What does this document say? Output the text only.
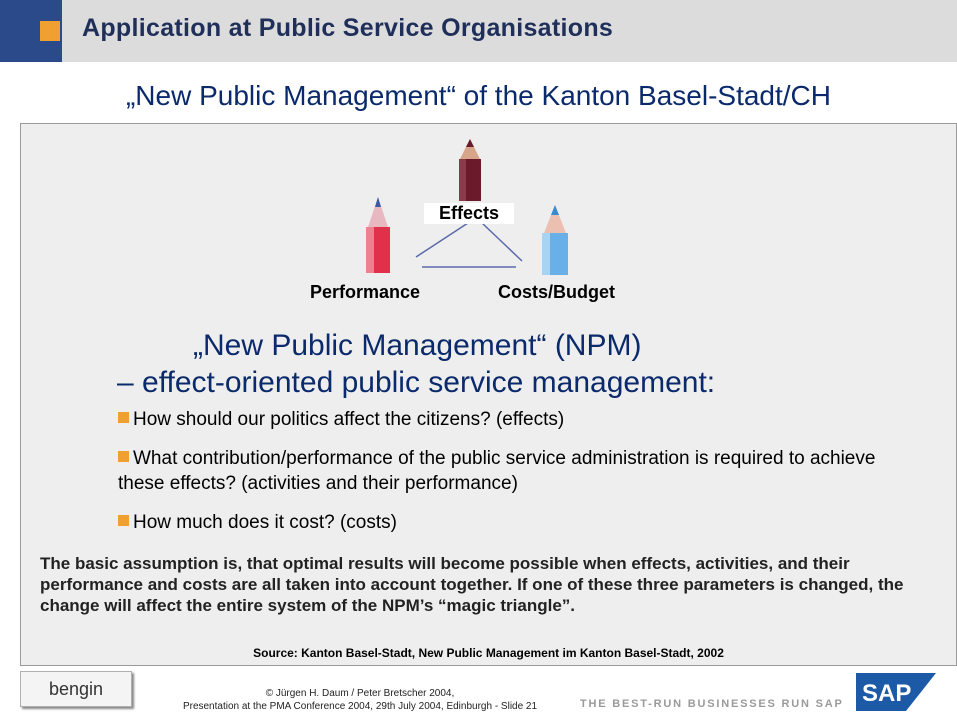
Application at Public Service Organisations
„New Public Management“ of the Kanton Basel-Stadt/CH
Effects
Performance	Costs/Budget
„New Public Management“ (NPM)
– effect-oriented public service management:
How should our politics affect the citizens? (effects)
What contribution/performance of the public service administration is required to achieve these effects? (activities and their performance)
How much does it cost? (costs)
The basic assumption is, that optimal results will become possible when effects, activities, and their performance and costs are all taken into account together. If one of these three parameters is changed, the change will affect the entire system of the NPM’s “magic triangle”.
Source: Kanton Basel-Stadt, New Public Management im Kanton Basel-Stadt, 2002
bengin	© Jürgen H. Daum / Peter Bretscher 2004,
Presentation at the PMA Conference 2004, 29th July 2004, Edinburgh - Slide 21	THE BEST-RUN BUSINESSES RUN SAP SAP
